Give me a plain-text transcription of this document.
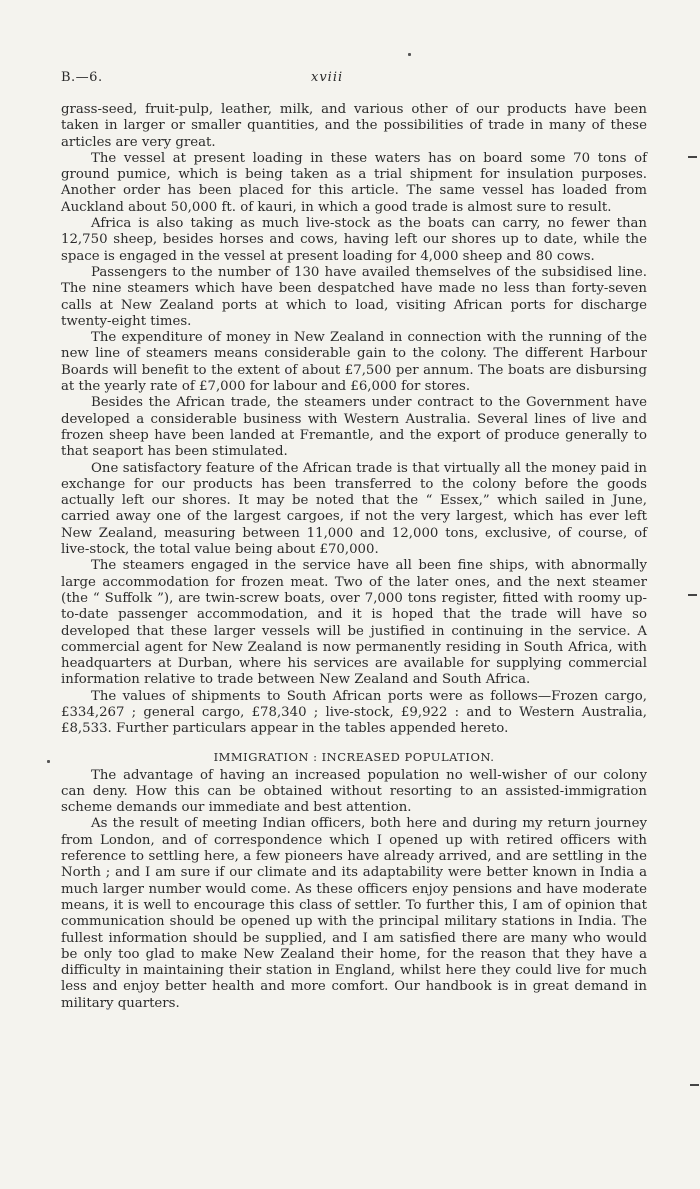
B.—6.	xviii

grass-seed, fruit-pulp, leather, milk, and various other of our products have been taken in larger or smaller quantities, and the possibilities of trade in many of these articles are very great.

The vessel at present loading in these waters has on board some 70 tons of ground pumice, which is being taken as a trial shipment for insulation purposes. Another order has been placed for this article. The same vessel has loaded from Auckland about 50,000 ft. of kauri, in which a good trade is almost sure to result.

Africa is also taking as much live-stock as the boats can carry, no fewer than 12,750 sheep, besides horses and cows, having left our shores up to date, while the space is engaged in the vessel at present loading for 4,000 sheep and 80 cows.

Passengers to the number of 130 have availed themselves of the subsidised line. The nine steamers which have been despatched have made no less than forty-seven calls at New Zealand ports at which to load, visiting African ports for discharge twenty-eight times.

The expenditure of money in New Zealand in connection with the running of the new line of steamers means considerable gain to the colony. The different Harbour Boards will benefit to the extent of about £7,500 per annum. The boats are disbursing at the yearly rate of £7,000 for labour and £6,000 for stores.

Besides the African trade, the steamers under contract to the Government have developed a considerable business with Western Australia. Several lines of live and frozen sheep have been landed at Fremantle, and the export of produce generally to that seaport has been stimulated.

One satisfactory feature of the African trade is that virtually all the money paid in exchange for our products has been transferred to the colony before the goods actually left our shores. It may be noted that the “ Essex,” which sailed in June, carried away one of the largest cargoes, if not the very largest, which has ever left New Zealand, measuring between 11,000 and 12,000 tons, exclusive, of course, of live-stock, the total value being about £70,000.

The steamers engaged in the service have all been fine ships, with abnormally large accommodation for frozen meat. Two of the later ones, and the next steamer (the “ Suffolk ”), are twin-screw boats, over 7,000 tons register, fitted with roomy up-to-date passenger accommodation, and it is hoped that the trade will have so developed that these larger vessels will be justified in continuing in the service. A commercial agent for New Zealand is now permanently residing in South Africa, with headquarters at Durban, where his services are available for supplying commercial information relative to trade between New Zealand and South Africa.

The values of shipments to South African ports were as follows—Frozen cargo, £334,267 ; general cargo, £78,340 ; live-stock, £9,922 : and to Western Australia, £8,533. Further particulars appear in the tables appended hereto.

IMMIGRATION : INCREASED POPULATION.

The advantage of having an increased population no well-wisher of our colony can deny. How this can be obtained without resorting to an assisted-immigration scheme demands our immediate and best attention.

As the result of meeting Indian officers, both here and during my return journey from London, and of correspondence which I opened up with retired officers with reference to settling here, a few pioneers have already arrived, and are settling in the North ; and I am sure if our climate and its adaptability were better known in India a much larger number would come. As these officers enjoy pensions and have moderate means, it is well to encourage this class of settler. To further this, I am of opinion that communication should be opened up with the principal military stations in India. The fullest information should be supplied, and I am satisfied there are many who would be only too glad to make New Zealand their home, for the reason that they have a difficulty in maintaining their station in England, whilst here they could live for much less and enjoy better health and more comfort. Our handbook is in great demand in military quarters.
